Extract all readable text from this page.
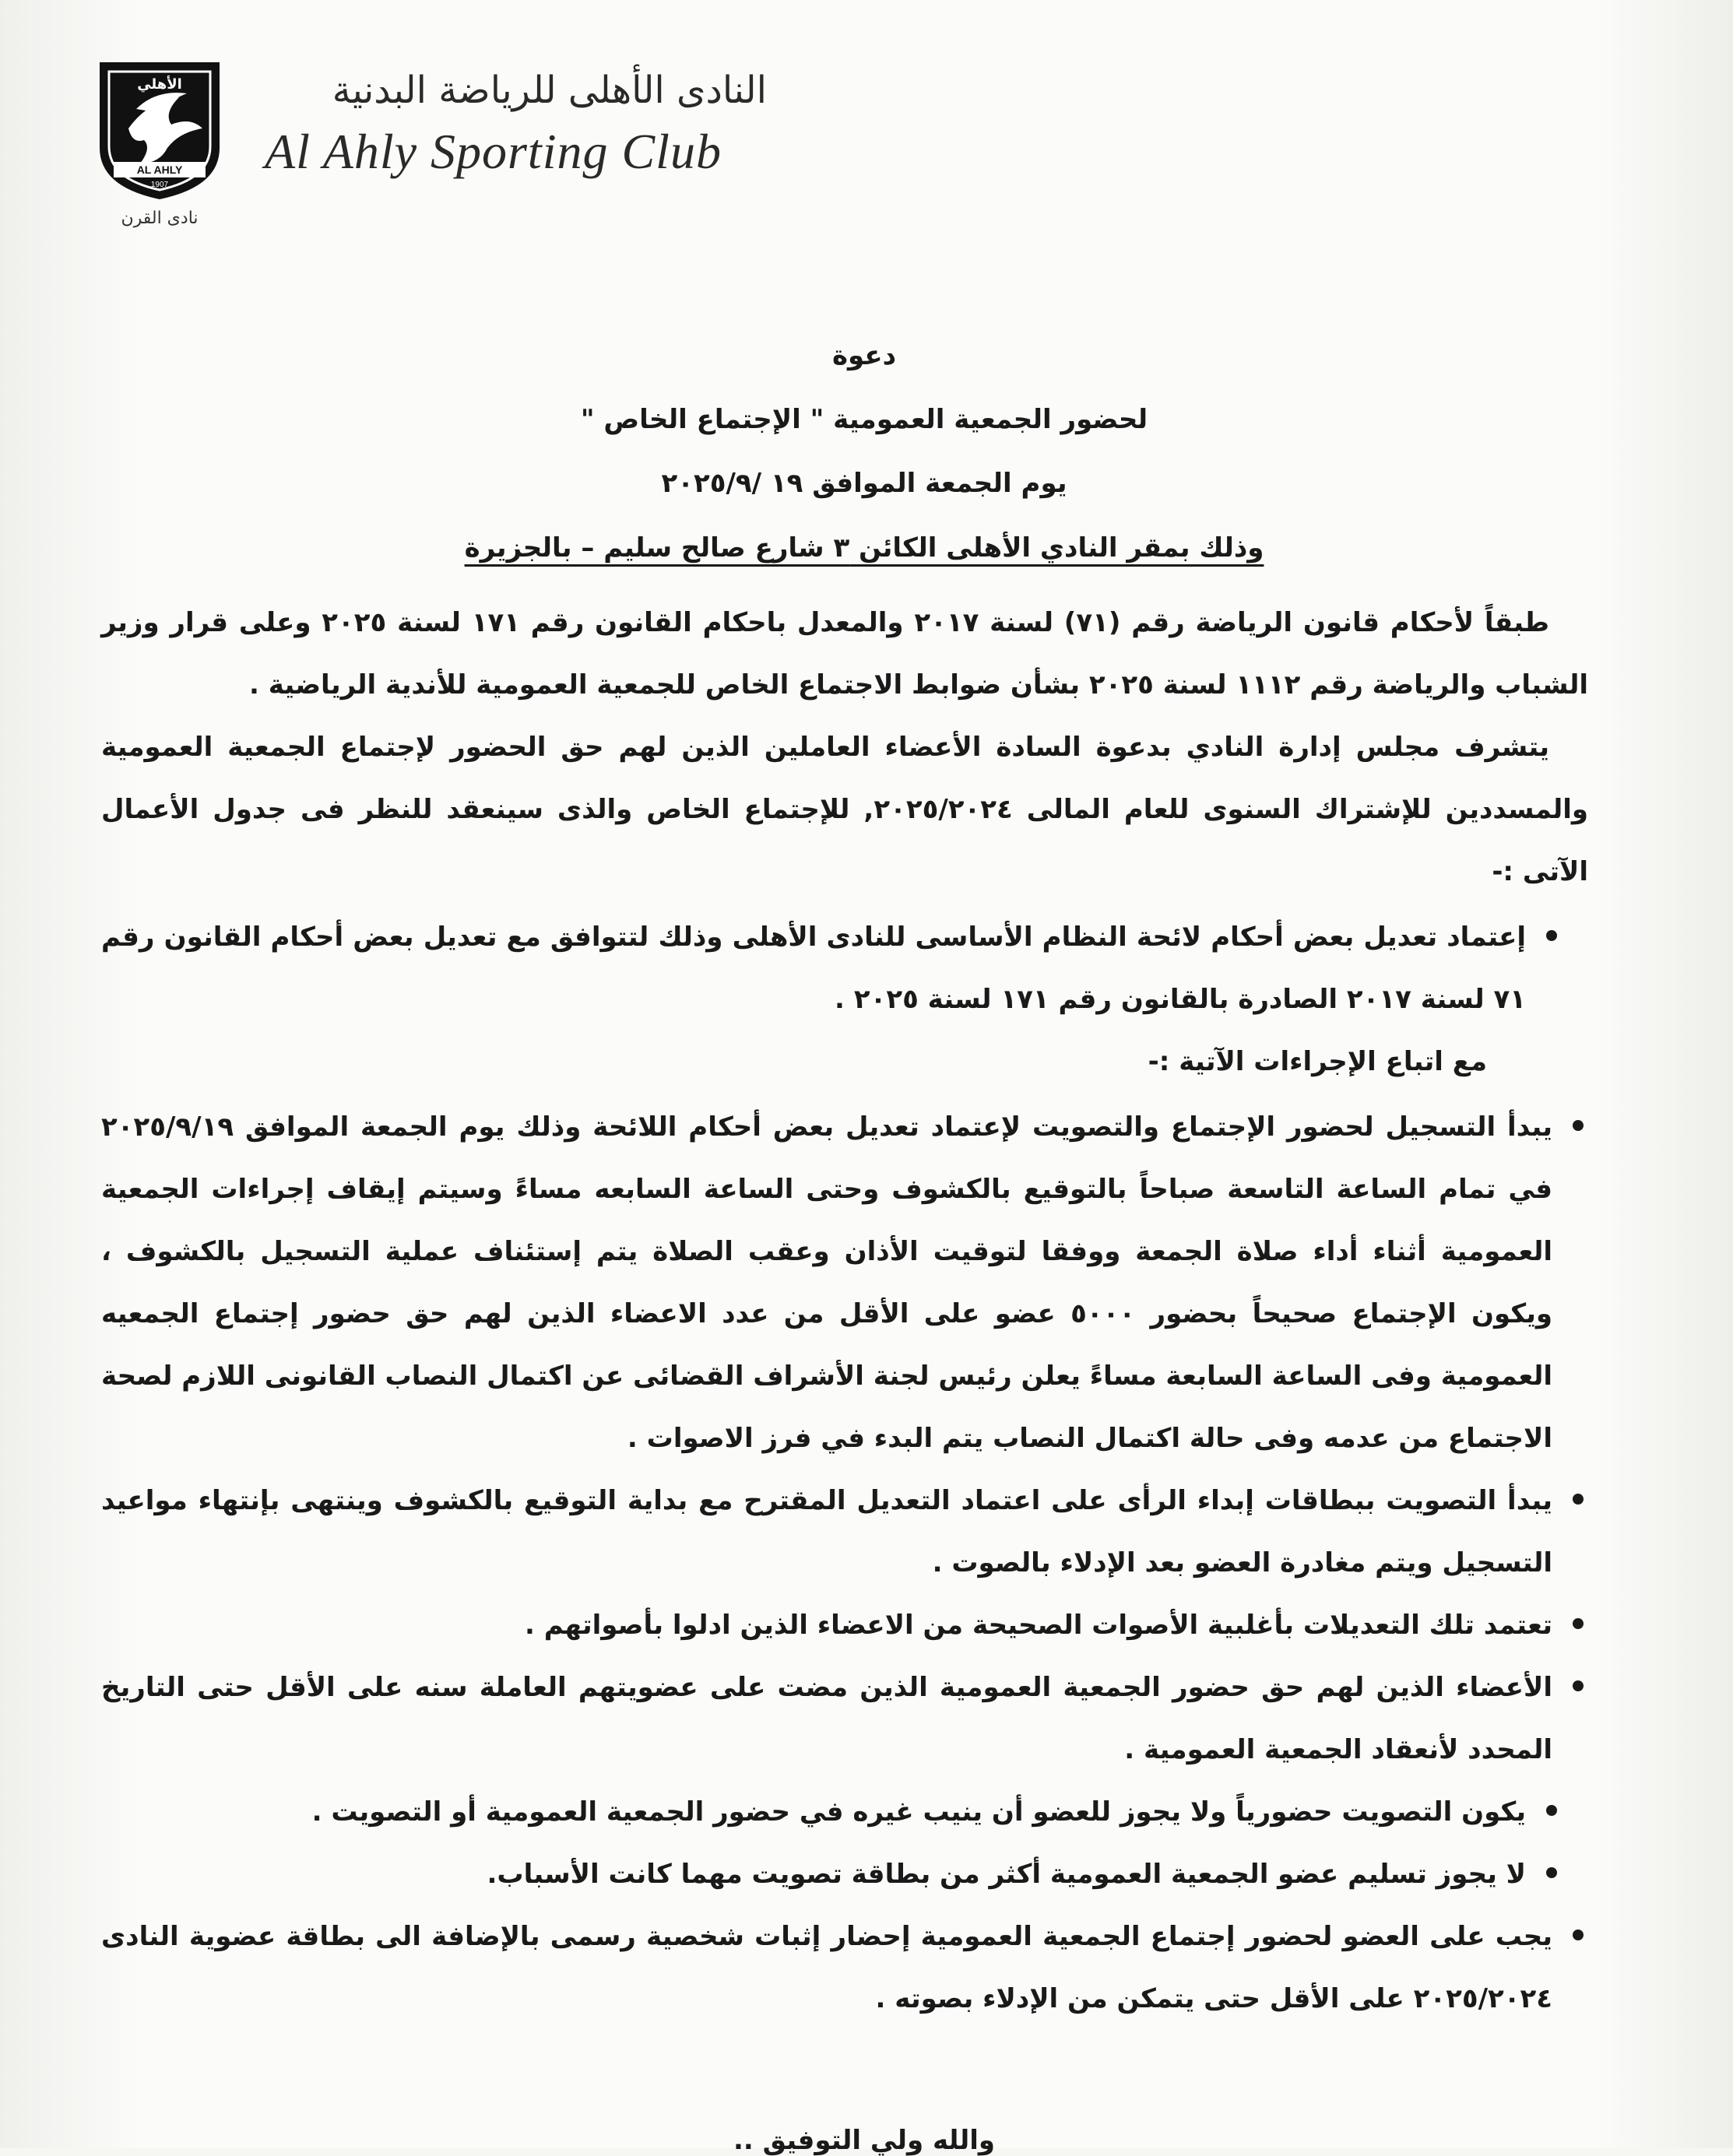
AL AHLY
1907
الأهلي
نادى القرن
النادى الأهلى للرياضة البدنية
Al Ahly Sporting Club
دعوة
لحضور الجمعية العمومية " الإجتماع الخاص "
يوم الجمعة الموافق ١٩ /٢٠٢٥/٩
وذلك بمقر النادي الأهلى الكائن ٣ شارع صالح سليم – بالجزيرة

طبقاً لأحكام قانون الرياضة رقم (٧١) لسنة ٢٠١٧ والمعدل باحكام القانون رقم ١٧١ لسنة ٢٠٢٥ وعلى قرار وزير الشباب والرياضة رقم ١١١٢ لسنة ٢٠٢٥ بشأن ضوابط الاجتماع الخاص للجمعية العمومية للأندية الرياضية .

يتشرف مجلس إدارة النادي بدعوة السادة الأعضاء العاملين الذين لهم حق الحضور لإجتماع الجمعية العمومية والمسددين للإشتراك السنوى للعام المالى ٢٠٢٥/٢٠٢٤, للإجتماع الخاص والذى سينعقد للنظر فى جدول الأعمال الآتى :-

إعتماد تعديل بعض أحكام لائحة النظام الأساسى للنادى الأهلى وذلك لتتوافق مع تعديل بعض أحكام القانون رقم ٧١ لسنة ٢٠١٧ الصادرة بالقانون رقم ١٧١ لسنة ٢٠٢٥ .

مع اتباع الإجراءات الآتية :-

يبدأ التسجيل لحضور الإجتماع والتصويت لإعتماد تعديل بعض أحكام اللائحة وذلك يوم الجمعة الموافق ٢٠٢٥/٩/١٩ في تمام الساعة التاسعة صباحاً بالتوقيع بالكشوف وحتى الساعة السابعه مساءً وسيتم إيقاف إجراءات الجمعية العمومية أثناء أداء صلاة الجمعة ووفقا لتوقيت الأذان وعقب الصلاة يتم إستئناف عملية التسجيل بالكشوف ، ويكون الإجتماع صحيحاً بحضور ٥٠٠٠ عضو على الأقل من عدد الاعضاء الذين لهم حق حضور إجتماع الجمعيه العمومية وفى الساعة السابعة مساءً يعلن رئيس لجنة الأشراف القضائى عن اكتمال النصاب القانونى اللازم لصحة الاجتماع من عدمه وفى حالة اكتمال النصاب يتم البدء في فرز الاصوات .
يبدأ التصويت ببطاقات إبداء الرأى على اعتماد التعديل المقترح مع بداية التوقيع بالكشوف وينتهى بإنتهاء مواعيد التسجيل ويتم مغادرة العضو بعد الإدلاء بالصوت .
تعتمد تلك التعديلات بأغلبية الأصوات الصحيحة من الاعضاء الذين ادلوا بأصواتهم .
الأعضاء الذين لهم حق حضور الجمعية العمومية الذين مضت على عضويتهم العاملة سنه على الأقل حتى التاريخ المحدد لأنعقاد الجمعية العمومية .
يكون التصويت حضورياً ولا يجوز للعضو أن ينيب غيره في حضور الجمعية العمومية أو التصويت .
لا يجوز تسليم عضو الجمعية العمومية أكثر من بطاقة تصويت مهما كانت الأسباب.
يجب على العضو لحضور إجتماع الجمعية العمومية إحضار إثبات شخصية رسمى بالإضافة الى بطاقة عضوية النادى ٢٠٢٥/٢٠٢٤ على الأقل حتى يتمكن من الإدلاء بصوته .
والله ولي التوفيق ..
